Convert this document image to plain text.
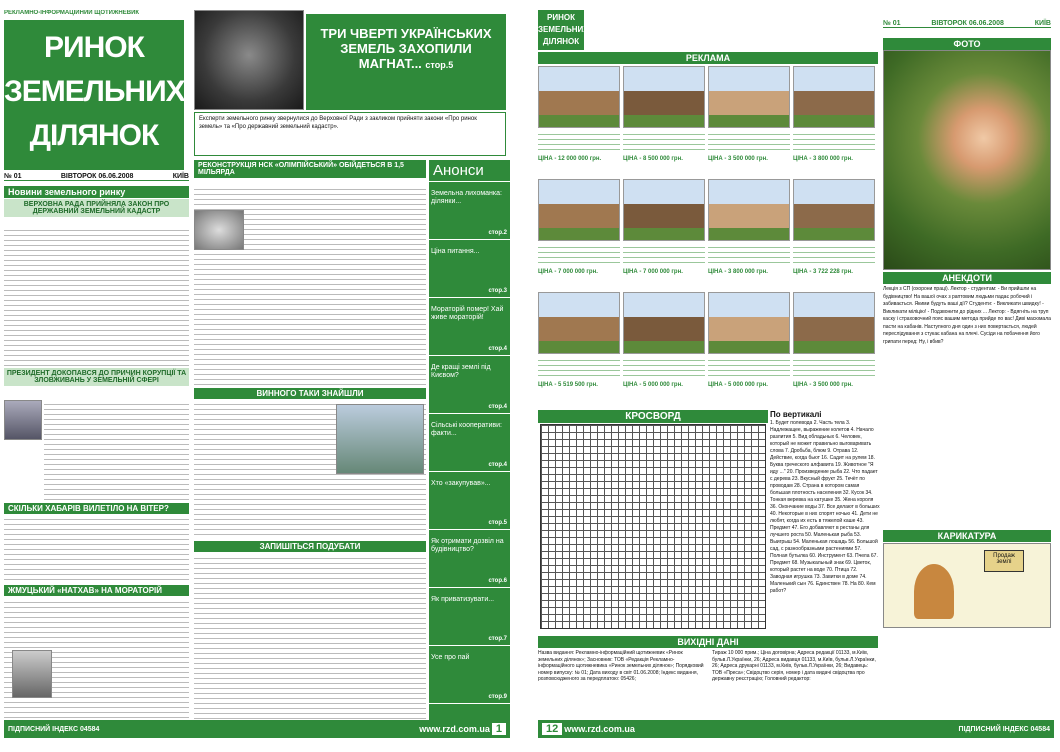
РЕКЛАМНО-ІНФОРМАЦІЙНИЙ ЩОТИЖНЕВИК
РИНОК
ЗЕМЕЛЬНИХ
ДІЛЯНОК
№ 01	ВІВТОРОК 06.06.2008	КИЇВ
ТРИ ЧВЕРТІ УКРАЇНСЬКИХ ЗЕМЕЛЬ ЗАХОПИЛИ МАГНАТ... стор.5
Експерти земельного ринку звернулися до Верховної Ради з закликом прийняти закони «Про ринок земель» та «Про державний земельний кадастр».
Новини земельного ринку
ВЕРХОВНА РАДА ПРИЙНЯЛА ЗАКОН ПРО ДЕРЖАВНИЙ ЗЕМЕЛЬНИЙ КАДАСТР
ПРЕЗИДЕНТ ДОКОПАВСЯ ДО ПРИЧИН КОРУПЦІЇ ТА ЗЛОВЖИВАНЬ У ЗЕМЕЛЬНІЙ СФЕРІ
СКІЛЬКИ ХАБАРІВ ВИЛЕТІЛО НА ВІТЕР?
ЖМУЦЬКИЙ «НАТХАВ» НА МОРАТОРІЙ
РЕКОНСТРУКЦІЯ НСК «ОЛІМПІЙСЬКИЙ» ОБІЙДЕТЬСЯ В 1,5 МІЛЬЯРДА
ВИННОГО ТАКИ ЗНАЙШЛИ
ЗАПИШІТЬСЯ ПОДУБАТИ
Анонси
Земельна лихоманка: ділянки...
стор.2
Ціна питання...
стор.3
Мораторій помер! Хай живе мораторій!
стор.4
Де кращі землі під Києвом?
стор.4
Сільські кооперативи: факти...
стор.4
Хто «закупував»...
стор.5
Як отримати дозвіл на будівництво?
стор.6
Як приватизувати...
стор.7
Усе про пай
стор.9
ПІДПИСНИЙ ІНДЕКС 04584	www.rzd.com.ua 1
РИНОК
ЗЕМЕЛЬНИХ
ДІЛЯНОК
РЕКЛАМА
№ 01	ВІВТОРОК 06.06.2008	КИЇВ
ФОТО
ЦІНА - 12 000 000 грн.	ЦІНА - 8 500 000 грн.	ЦІНА - 3 500 000 грн.	ЦІНА - 3 800 000 грн.
ЦІНА - 7 000 000 грн.	ЦІНА - 7 000 000 грн.	ЦІНА - 3 800 000 грн.	ЦІНА - 3 722 228 грн.
ЦІНА - 5 519 500 грн.	ЦІНА - 5 000 000 грн.	ЦІНА - 5 000 000 грн.	ЦІНА - 3 500 000 грн.
АНЕКДОТИ
Лекція з СП (охорони праці). Лектор - студентам: - Ви прийшли на будівництво! На вашої очах з раптовим людьми падає робочий і забивається. Якими будуть ваші дії? Студенти: - Викликати швидку! - Викликати міліцію! - Подзвонити до рідних ... Лектор: - Вдягніть на труп каску і страховочний пояс вашим метода прийде по вас! Диві масюмала пасти на кабанів. Наступного дня один з них повертається, людей переслідування з стукає кабана на плечі. Сусіди на побачення його грипати перед: Ну, і вбив?
КАРИКАТУРА
Продаж землі
КРОСВОРД	По вертикалі
1. Будет полевода 2. Часть тела 3. Надлежащее, выражение колетов 4. Начало разлития 5. Вид обладьных 6. Человек, который не может правильно выговаривать слова 7. Дробьба, блюм 9. Отрава 12. Действие, когда бьют 16. Садит на рулем 18. Буква греческого алфавита 19. Животное "Я иду ..." 20. Произведение рыба 22. Что падает с дерева 23. Вкусный фрукт 25. Течёт по проводам 28. Страна в котором самая большая плотность населения 32. Кусок 34. Тонкая веревка на катушке 35. Жена короля 36. Окончание воды 37. Все делают в больших 40. Некоторые в них спорят ночью 41. Дети не любят, когда их есть в тяжелой каше 43. Предмет 47. Его добавляют в рестаны для лучшего роста 50. Маленькая рыба 53. Выигрыш 54. Маленькая лошадь 56. Большой сад, с разнообразными растениями 57. Полная бутылка 60. Инструмент 63. Пчела 67. Предмет 68. Музыкальный знак 69. Цветок, который растет на воде 70. Птица 72. Заводная игрушка 73. Завитки в доме 74. Маленький сын 76. Единствен 78. На 80. Кем работ?
ВИХІДНІ ДАНІ
Назва видання: Рекламно-інформаційний щотижневик «Ринок земельних ділянок»; Засновник: ТОВ «Редакція Рекламно-інформаційного щотижневика «Ринок земельних ділянок»; Порядковий номер випуску: № 01; Дата виходу в світ 01.06.2008; Індекс видання, розповсюдженого за передплатою: 05426;
Тираж 10 000 прим.; Ціна договірна; Адреса редакції 01133, м.Київ, бульв.Л.Українки, 26; Адреса видавця 01133, м.Київ, бульв.Л.Українки, 26; Адреса друкарні 01133, м.Київ, бульв.Л.Українки, 26; Видавець: ТОВ «Преса»; Свідоцтво серія, номер і дата видачі свідоцтва про державну реєстрацію; Головний редактор:
12 www.rzd.com.ua	ПІДПИСНИЙ ІНДЕКС 04584
